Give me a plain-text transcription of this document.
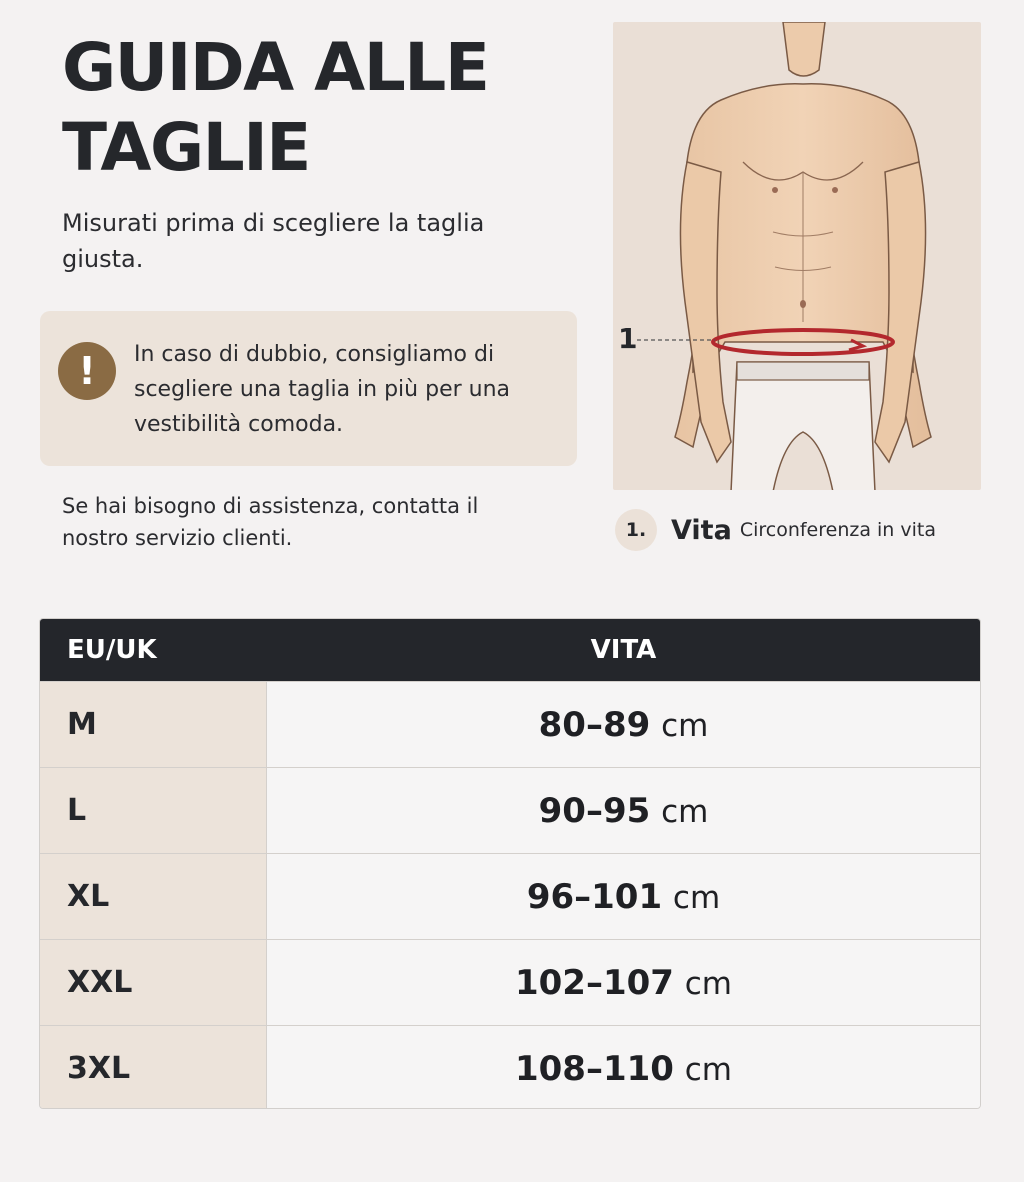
GUIDA ALLE TAGLIE
Misurati prima di scegliere la taglia giusta.
!	In caso di dubbio, consigliamo di scegliere una taglia in più per una vestibilità comoda.
Se hai bisogno di assistenza, contatta il nostro servizio clienti.
1
1. Vita Circonferenza in vita
EU/UK	VITA
M	80–89 cm
L	90–95 cm
XL	96–101 cm
XXL	102–107 cm
3XL	108–110 cm
